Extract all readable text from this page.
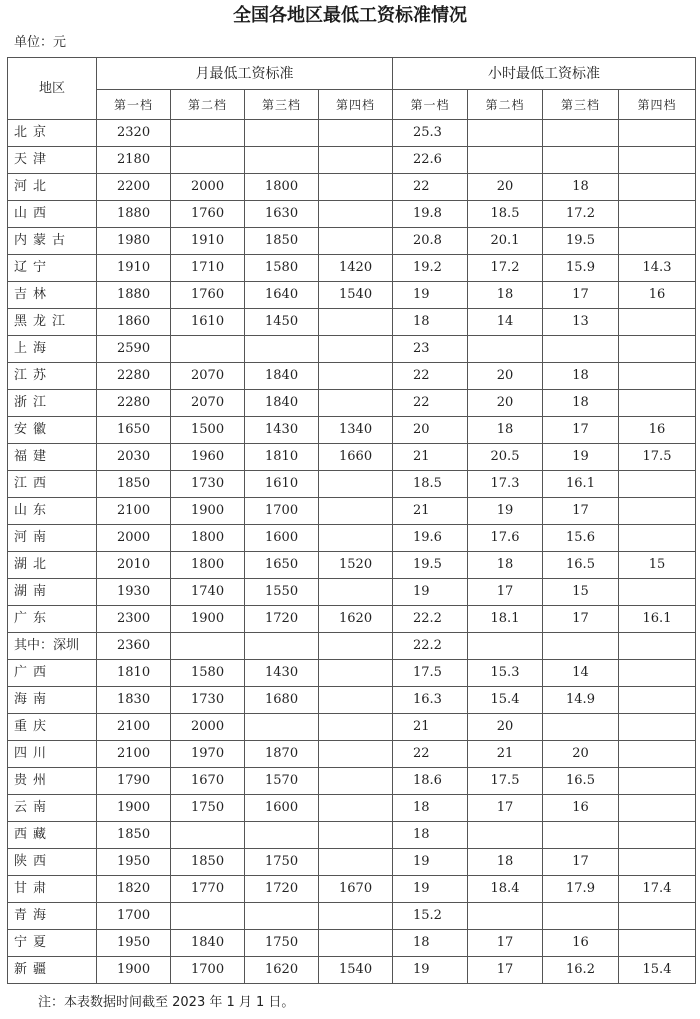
全国各地区最低工资标准情况
单位：元
地区	月最低工资标准				小时最低工资标准			
	第一档	第二档	第三档	第四档	第一档	第二档	第三档	第四档
北京	2320				25.3			
天津	2180				22.6			
河北	2200	2000	1800		22	20	18	
山西	1880	1760	1630		19.8	18.5	17.2	
内蒙古	1980	1910	1850		20.8	20.1	19.5	
辽宁	1910	1710	1580	1420	19.2	17.2	15.9	14.3
吉林	1880	1760	1640	1540	19	18	17	16
黑龙江	1860	1610	1450		18	14	13	
上海	2590				23			
江苏	2280	2070	1840		22	20	18	
浙江	2280	2070	1840		22	20	18	
安徽	1650	1500	1430	1340	20	18	17	16
福建	2030	1960	1810	1660	21	20.5	19	17.5
江西	1850	1730	1610		18.5	17.3	16.1	
山东	2100	1900	1700		21	19	17	
河南	2000	1800	1600		19.6	17.6	15.6	
湖北	2010	1800	1650	1520	19.5	18	16.5	15
湖南	1930	1740	1550		19	17	15	
广东	2300	1900	1720	1620	22.2	18.1	17	16.1
其中：深圳	2360				22.2			
广西	1810	1580	1430		17.5	15.3	14	
海南	1830	1730	1680		16.3	15.4	14.9	
重庆	2100	2000			21	20		
四川	2100	1970	1870		22	21	20	
贵州	1790	1670	1570		18.6	17.5	16.5	
云南	1900	1750	1600		18	17	16	
西藏	1850				18			
陕西	1950	1850	1750		19	18	17	
甘肃	1820	1770	1720	1670	19	18.4	17.9	17.4
青海	1700				15.2			
宁夏	1950	1840	1750		18	17	16	
新疆	1900	1700	1620	1540	19	17	16.2	15.4
注：本表数据时间截至 2023 年 1 月 1 日。
